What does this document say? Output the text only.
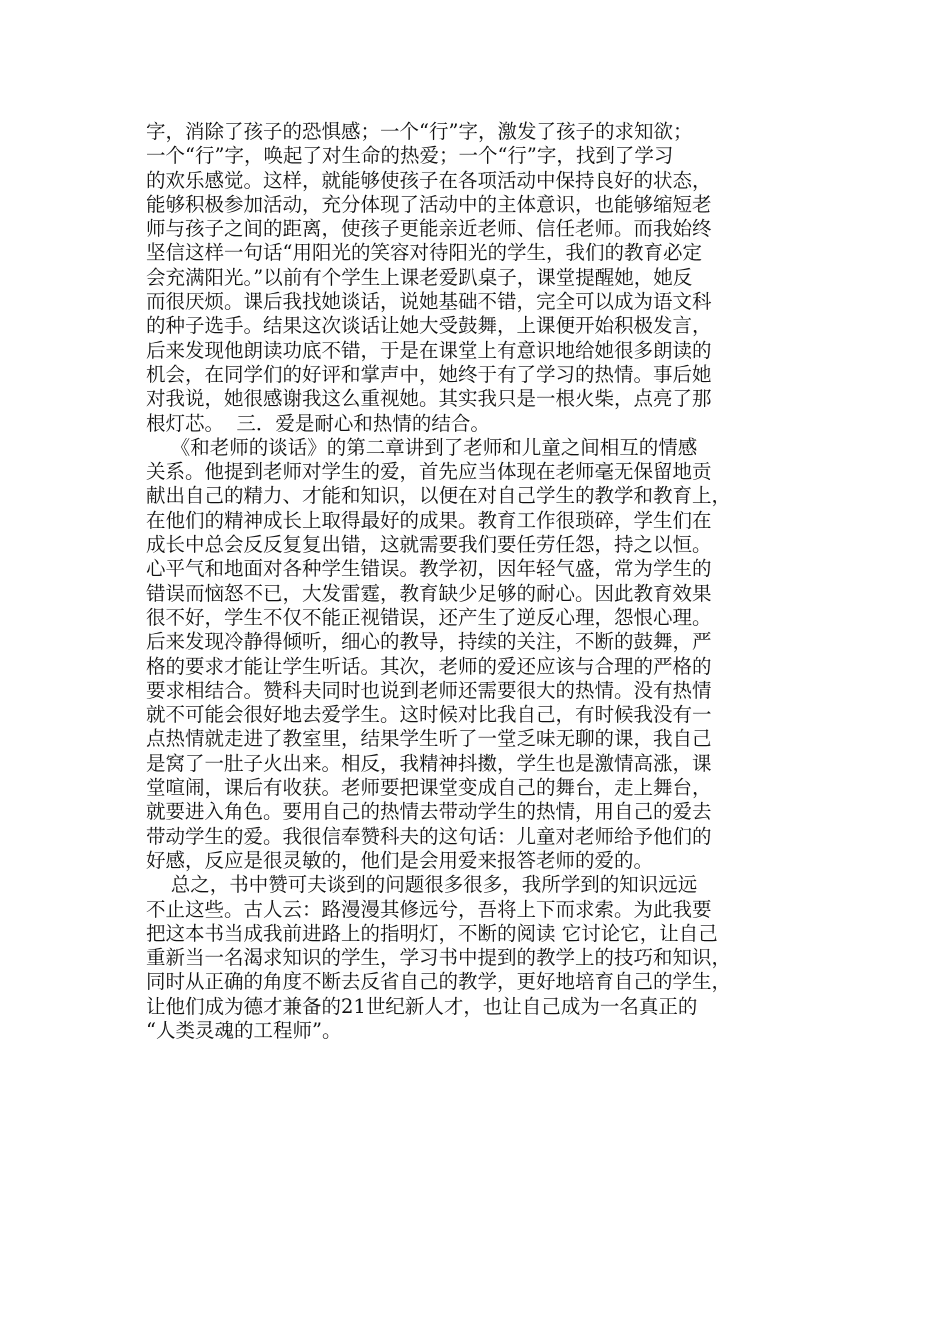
字，消除了孩子的恐惧感；一个“行”字，激发了孩子的求知欲；
一个“行”字，唤起了对生命的热爱；一个“行”字，找到了学习
的欢乐感觉。这样，就能够使孩子在各项活动中保持良好的状态，
能够积极参加活动，充分体现了活动中的主体意识，也能够缩短老
师与孩子之间的距离，使孩子更能亲近老师、信任老师。而我始终
坚信这样一句话“用阳光的笑容对待阳光的学生，我们的教育必定
会充满阳光。”以前有个学生上课老爱趴桌子，课堂提醒她，她反
而很厌烦。课后我找她谈话，说她基础不错，完全可以成为语文科
的种子选手。结果这次谈话让她大受鼓舞，上课便开始积极发言，
后来发现他朗读功底不错，于是在课堂上有意识地给她很多朗读的
机会，在同学们的好评和掌声中，她终于有了学习的热情。事后她
对我说，她很感谢我这么重视她。其实我只是一根火柴，点亮了那
根灯芯。  三．爱是耐心和热情的结合。
《和老师的谈话》的第二章讲到了老师和儿童之间相互的情感
关系。他提到老师对学生的爱，首先应当体现在老师毫无保留地贡
献出自己的精力、才能和知识，以便在对自己学生的教学和教育上，
在他们的精神成长上取得最好的成果。教育工作很琐碎，学生们在
成长中总会反反复复出错，这就需要我们要任劳任怨，持之以恒。
心平气和地面对各种学生错误。教学初，因年轻气盛，常为学生的
错误而恼怒不已，大发雷霆，教育缺少足够的耐心。因此教育效果
很不好，学生不仅不能正视错误，还产生了逆反心理，怨恨心理。
后来发现冷静得倾听，细心的教导，持续的关注，不断的鼓舞，严
格的要求才能让学生听话。其次，老师的爱还应该与合理的严格的
要求相结合。赞科夫同时也说到老师还需要很大的热情。没有热情
就不可能会很好地去爱学生。这时候对比我自己，有时候我没有一
点热情就走进了教室里，结果学生听了一堂乏味无聊的课，我自己
是窝了一肚子火出来。相反，我精神抖擞，学生也是激情高涨，课
堂喧闹，课后有收获。老师要把课堂变成自己的舞台，走上舞台，
就要进入角色。要用自己的热情去带动学生的热情，用自己的爱去
带动学生的爱。我很信奉赞科夫的这句话：儿童对老师给予他们的
好感，反应是很灵敏的，他们是会用爱来报答老师的爱的。
总之，书中赞可夫谈到的问题很多很多，我所学到的知识远远
不止这些。古人云：路漫漫其修远兮，吾将上下而求索。为此我要
把这本书当成我前进路上的指明灯，不断的阅读 它讨论它，让自己
重新当一名渴求知识的学生，学习书中提到的教学上的技巧和知识，
同时从正确的角度不断去反省自己的教学，更好地培育自己的学生，
让他们成为德才兼备的21世纪新人才，也让自己成为一名真正的
“人类灵魂的工程师”。
